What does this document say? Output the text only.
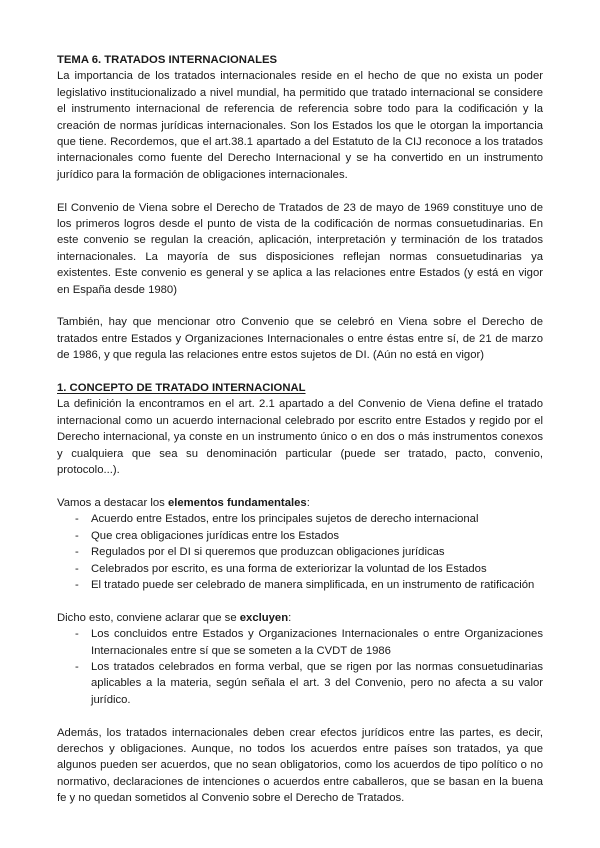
TEMA 6. TRATADOS INTERNACIONALES

La importancia de los tratados internacionales reside en el hecho de que no exista un poder legislativo institucionalizado a nivel mundial, ha permitido que tratado internacional se considere el instrumento internacional de referencia de referencia sobre todo para la codificación y la creación de normas jurídicas internacionales. Son los Estados los que le otorgan la importancia que tiene. Recordemos, que el art.38.1 apartado a del Estatuto de la CIJ reconoce a los tratados internacionales como fuente del Derecho Internacional y se ha convertido en un instrumento jurídico para la formación de obligaciones internacionales.

El Convenio de Viena sobre el Derecho de Tratados de 23 de mayo de 1969 constituye uno de los primeros logros desde el punto de vista de la codificación de normas consuetudinarias. En este convenio se regulan la creación, aplicación, interpretación y terminación de los tratados internacionales. La mayoría de sus disposiciones reflejan normas consuetudinarias ya existentes. Este convenio es general y se aplica a las relaciones entre Estados (y está en vigor en España desde 1980)

También, hay que mencionar otro Convenio que se celebró en Viena sobre el Derecho de tratados entre Estados y Organizaciones Internacionales o entre éstas entre sí, de 21 de marzo de 1986, y que regula las relaciones entre estos sujetos de DI. (Aún no está en vigor)

1. CONCEPTO DE TRATADO INTERNACIONAL

La definición la encontramos en el art. 2.1 apartado a del Convenio de Viena define el tratado internacional como un acuerdo internacional celebrado por escrito entre Estados y regido por el Derecho internacional, ya conste en un instrumento único o en dos o más instrumentos conexos y cualquiera que sea su denominación particular (puede ser tratado, pacto, convenio, protocolo...).

Vamos a destacar los elementos fundamentales:

- Acuerdo entre Estados, entre los principales sujetos de derecho internacional
- Que crea obligaciones jurídicas entre los Estados
- Regulados por el DI si queremos que produzcan obligaciones jurídicas
- Celebrados por escrito, es una forma de exteriorizar la voluntad de los Estados
- El tratado puede ser celebrado de manera simplificada, en un instrumento de ratificación

Dicho esto, conviene aclarar que se excluyen:

- Los concluidos entre Estados y Organizaciones Internacionales o entre Organizaciones Internacionales entre sí que se someten a la CVDT de 1986
- Los tratados celebrados en forma verbal, que se rigen por las normas consuetudinarias aplicables a la materia, según señala el art. 3 del Convenio, pero no afecta a su valor jurídico.

Además, los tratados internacionales deben crear efectos jurídicos entre las partes, es decir, derechos y obligaciones. Aunque, no todos los acuerdos entre países son tratados, ya que algunos pueden ser acuerdos, que no sean obligatorios, como los acuerdos de tipo político o no normativo, declaraciones de intenciones o acuerdos entre caballeros, que se basan en la buena fe y no quedan sometidos al Convenio sobre el Derecho de Tratados.
